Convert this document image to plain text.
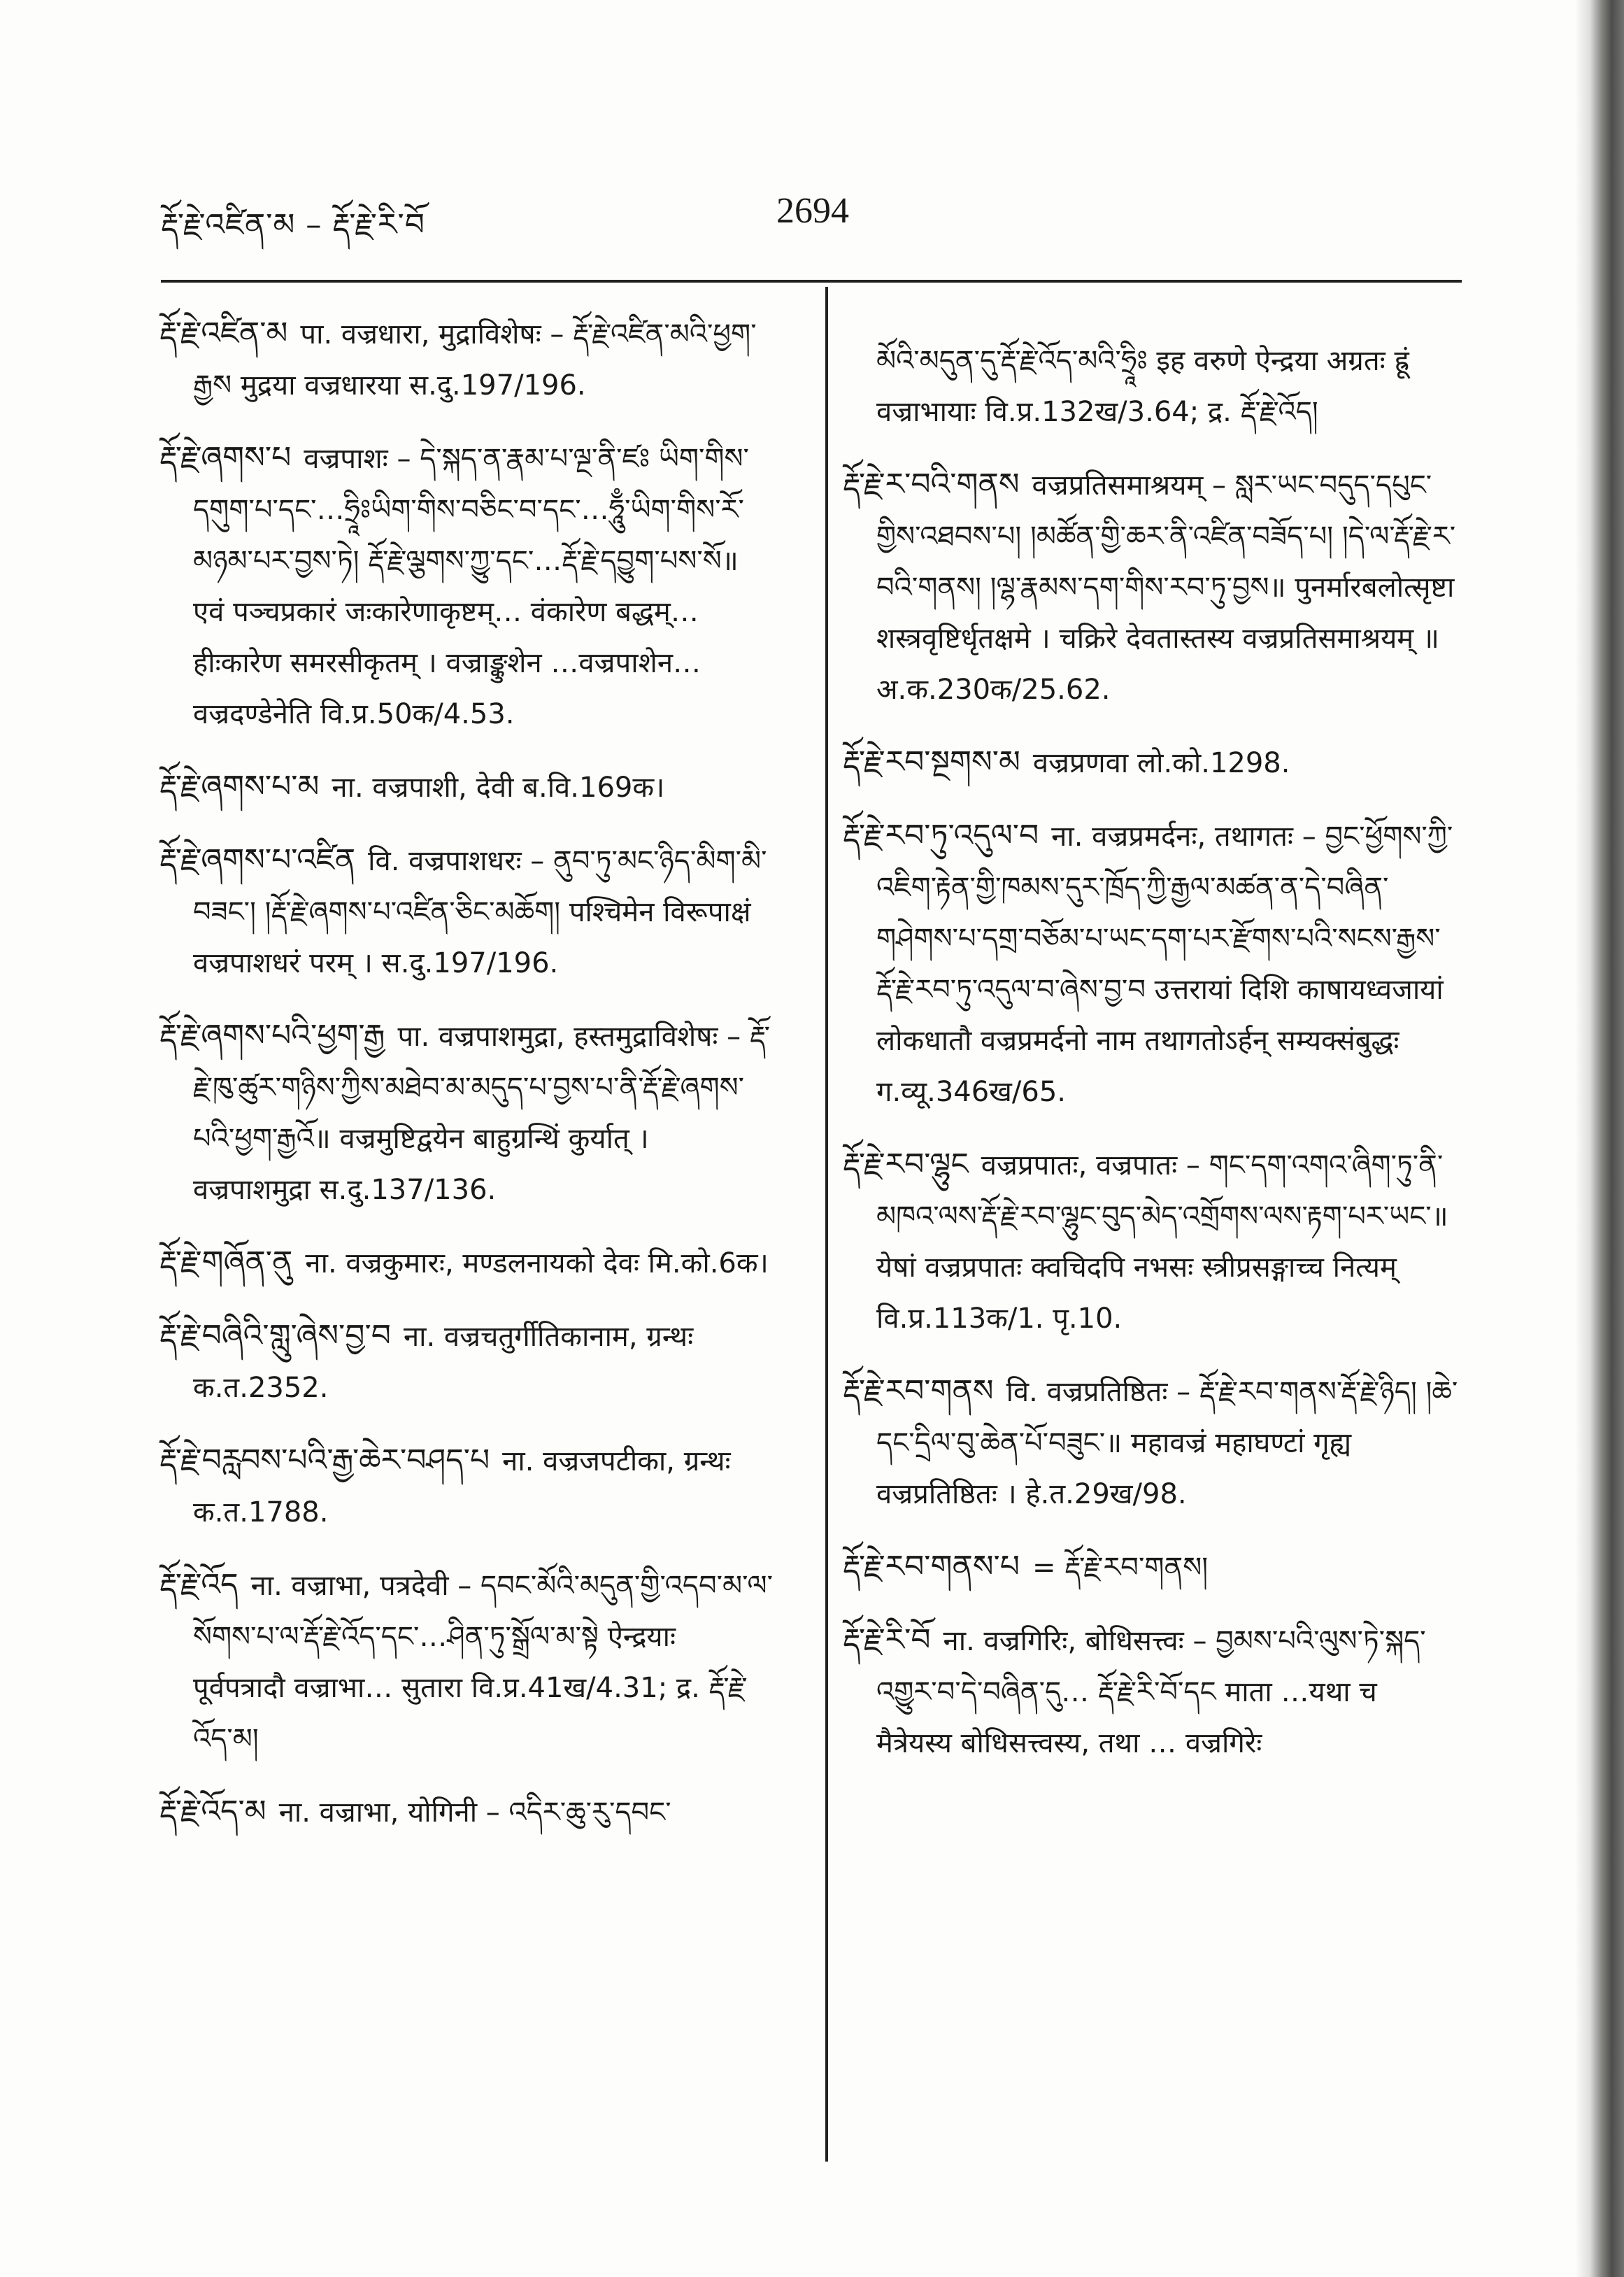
རྡོ་རྗེ་འཛིན་མ – རྡོ་རྗེ་རི་བོ	2694

རྡོ་རྗེ་འཛིན་མ पा. वज्रधारा, मुद्राविशेषः – རྡོ་རྗེ་འཛིན་མའི་ཕྱག་རྒྱས मुद्रया वज्रधारया स.दु.197/196.

རྡོ་རྗེ་ཞགས་པ वज्रपाशः – དེ་སྐད་ན་རྣམ་པ་ལྔ་ནི་ཛཿ ཡིག་གིས་དགུག་པ་དང་…ཧྲཱིཿཡིག་གིས་བཅིང་བ་དང་…ཧཱུྃ་ཡིག་གིས་རོ་མཉམ་པར་བྱས་ཏེ། རྡོ་རྗེ་ལྕགས་ཀྱུ་དང་…རྡོ་རྗེ་དབྱུག་པས་སོ॥ एवं पञ्चप्रकारं जःकारेणाकृष्टम्… वंकारेण बद्धम्…हीःकारेण समरसीकृतम् । वज्राङ्कुशेन …वज्रपाशेन…वज्रदण्डेनेति वि.प्र.50क/4.53.

རྡོ་རྗེ་ཞགས་པ་མ ना. वज्रपाशी, देवी ब.वि.169क।

རྡོ་རྗེ་ཞགས་པ་འཛིན वि. वज्रपाशधरः – ནུབ་ཏུ་མང་ཉིད་མིག་མི་བཟང་། །རྡོ་རྗེ་ཞགས་པ་འཛིན་ཅིང་མཆོག། पश्चिमेन विरूपाक्षं वज्रपाशधरं परम् । स.दु.197/196.

རྡོ་རྗེ་ཞགས་པའི་ཕྱག་རྒྱ पा. वज्रपाशमुद्रा, हस्तमुद्राविशेषः – རྡོ་རྗེ་ཁུ་ཚུར་གཉིས་ཀྱིས་མཐེབ་མ་མདུད་པ་བྱས་པ་ནི་རྡོ་རྗེ་ཞགས་པའི་ཕྱག་རྒྱའོ॥ वज्रमुष्टिद्वयेन बाहुग्रन्थिं कुर्यात् । वज्रपाशमुद्रा स.दु.137/136.

རྡོ་རྗེ་གཞོན་ནུ ना. वज्रकुमारः, मण्डलनायको देवः मि.को.6क।

རྡོ་རྗེ་བཞིའི་གླུ་ཞེས་བྱ་བ ना. वज्रचतुर्गीतिकानाम, ग्रन्थः क.त.2352.

རྡོ་རྗེ་བརླབས་པའི་རྒྱ་ཆེར་བཤད་པ ना. वज्रजपटीका, ग्रन्थः क.त.1788.

རྡོ་རྗེ་འོད ना. वज्राभा, पत्रदेवी – དབང་མོའི་མདུན་གྱི་འདབ་མ་ལ་སོགས་པ་ལ་རྡོ་རྗེ་འོད་དང་…ཤིན་ཏུ་སྒྲོལ་མ་སྟེ ऐन्द्रयाः पूर्वपत्रादौ वज्राभा… सुतारा वि.प्र.41ख/4.31; द्र. རྡོ་རྗེ་འོད་མ།

རྡོ་རྗེ་འོད་མ ना. वज्राभा, योगिनी – འདིར་ཆུ་རུ་དབང་

མོའི་མདུན་དུ་རྡོ་རྗེ་འོད་མའི་ཧྲཱིཿ इह वरुणे ऐन्द्रया अग्रतः ह्रूं वज्राभायाः वि.प्र.132ख/3.64; द्र. རྡོ་རྗེ་འོད།

རྡོ་རྗེ་ར་བའི་གནས वज्रप्रतिसमाश्रयम् – སླར་ཡང་བདུད་དཔུང་གྱིས་འཐབས་པ། །མཚོན་གྱི་ཆར་ནི་འཛིན་བཟོད་པ། །དེ་ལ་རྡོ་རྗེ་ར་བའི་གནས། །ལྷ་རྣམས་དག་གིས་རབ་ཏུ་བྱས॥ पुनर्मारबलोत्सृष्टा शस्त्रवृष्टिर्धृतक्षमे । चक्रिरे देवतास्तस्य वज्रप्रतिसमाश्रयम् ॥ अ.क.230क/25.62.

རྡོ་རྗེ་རབ་སྔགས་མ वज्रप्रणवा लो.को.1298.

རྡོ་རྗེ་རབ་ཏུ་འདུལ་བ ना. वज्रप्रमर्दनः, तथागतः – བྱང་ཕྱོགས་ཀྱི་འཇིག་རྟེན་གྱི་ཁམས་དུར་ཁྲོད་ཀྱི་རྒྱལ་མཚན་ན་དེ་བཞིན་གཤེགས་པ་དགྲ་བཅོམ་པ་ཡང་དག་པར་རྫོགས་པའི་སངས་རྒྱས་རྡོ་རྗེ་རབ་ཏུ་འདུལ་བ་ཞེས་བྱ་བ उत्तरायां दिशि काषायध्वजायां लोकधातौ वज्रप्रमर्दनो नाम तथागतोऽर्हन् सम्यक्संबुद्धः ग.व्यू.346ख/65.

རྡོ་རྗེ་རབ་ལྷུང वज्रप्रपातः, वज्रपातः – གང་དག་འགའ་ཞིག་ཏུ་ནི་མཁའ་ལས་རྡོ་རྗེ་རབ་ལྷུང་བུད་མེད་འགྲོགས་ལས་རྟག་པར་ཡང་॥ येषां वज्रप्रपातः क्वचिदपि नभसः स्त्रीप्रसङ्गाच्च नित्यम् वि.प्र.113क/1. पृ.10.

རྡོ་རྗེ་རབ་གནས वि. वज्रप्रतिष्ठितः – རྡོ་རྗེ་རབ་གནས་རྡོ་རྗེ་ཉིད། །ཆེ་དང་དྲིལ་བུ་ཆེན་པོ་བཟུང་॥ महावज्रं महाघण्टां गृह्य वज्रप्रतिष्ठितः । हे.त.29ख/98.

རྡོ་རྗེ་རབ་གནས་པ = རྡོ་རྗེ་རབ་གནས།

རྡོ་རྗེ་རི་བོ ना. वज्रगिरिः, बोधिसत्त्वः – བྱམས་པའི་ལུས་ཏེ་སྐད་འགྱུར་བ་དེ་བཞིན་དུ… རྡོ་རྗེ་རི་བོ་དང माता …यथा च मैत्रेयस्य बोधिसत्त्वस्य, तथा … वज्रगिरेः
